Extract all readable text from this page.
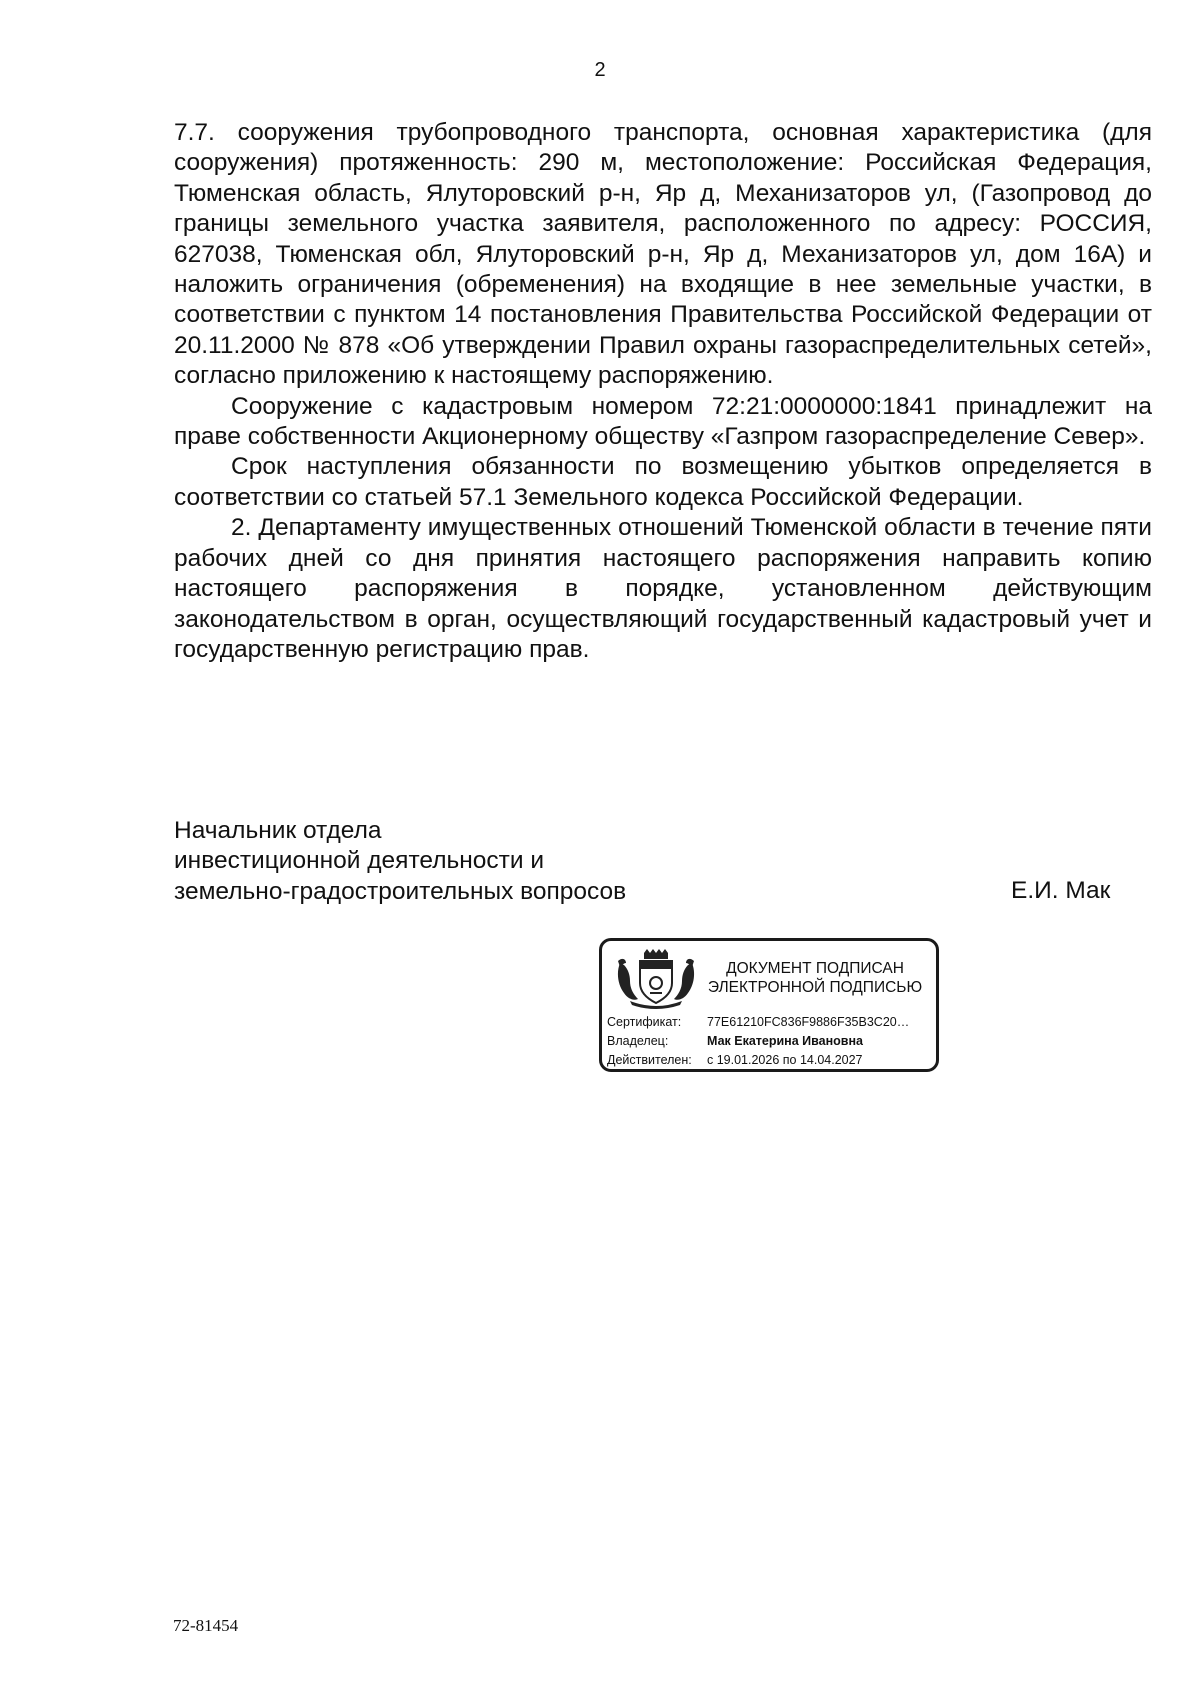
2

7.7. сооружения трубопроводного транспорта, основная характеристика (для сооружения) протяженность: 290 м, местоположение: Российская Федерация, Тюменская область, Ялуторовский р-н, Яр д, Механизаторов ул, (Газопровод до границы земельного участка заявителя, расположенного по адресу: РОССИЯ, 627038, Тюменская обл, Ялуторовский р-н, Яр д, Механизаторов ул, дом 16А) и наложить ограничения (обременения) на входящие в нее земельные участки, в соответствии с пунктом 14 постановления Правительства Российской Федерации от 20.11.2000 № 878 «Об утверждении Правил охраны газораспределительных сетей», согласно приложению к настоящему распоряжению.

Сооружение с кадастровым номером 72:21:0000000:1841 принадлежит на праве собственности Акционерному обществу «Газпром газораспределение Север».

Срок наступления обязанности по возмещению убытков определяется в соответствии со статьей 57.1 Земельного кодекса Российской Федерации.

2. Департаменту имущественных отношений Тюменской области в течение пяти рабочих дней со дня принятия настоящего распоряжения направить копию настоящего распоряжения в порядке, установленном действующим законодательством в орган, осуществляющий государственный кадастровый учет и государственную регистрацию прав.

Начальник отдела
инвестиционной деятельности и
земельно-градостроительных вопросов	Е.И. Мак
ДОКУМЕНТ ПОДПИСАН
ЭЛЕКТРОННОЙ ПОДПИСЬЮ
Сертификат:	77E61210FC836F9886F35B3C20…
Владелец:	Мак Екатерина Ивановна
Действителен:	с 19.01.2026 по 14.04.2027
72-81454
